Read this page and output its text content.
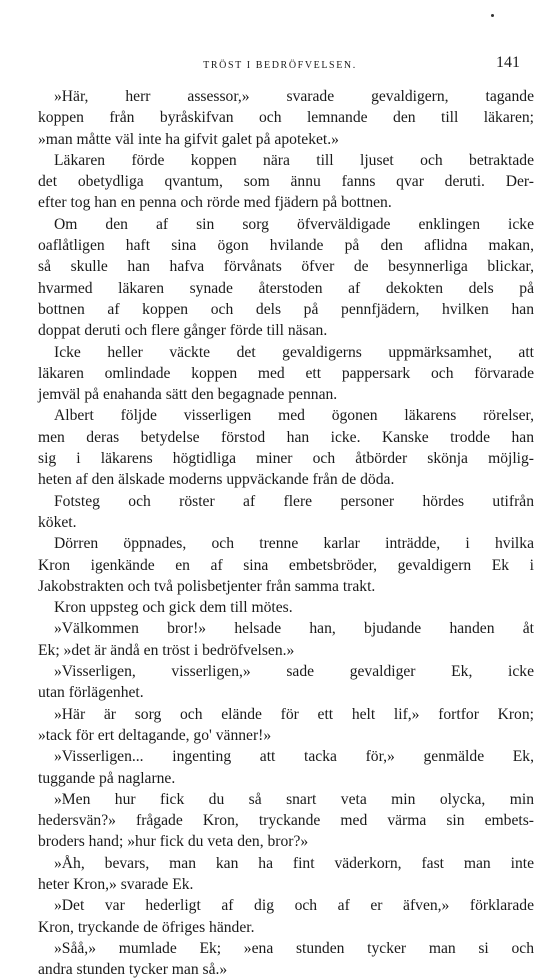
TRÖST I BEDRÖFVELSEN.	141
»Här, herr assessor,» svarade gevaldigern, tagande
koppen från byråskifvan och lemnande den till läkaren;
»man måtte väl inte ha gifvit galet på apoteket.»
Läkaren förde koppen nära till ljuset och betraktade
det obetydliga qvantum, som ännu fanns qvar deruti. Der-
efter tog han en penna och rörde med fjädern på bottnen.
Om den af sin sorg öfverväldigade enklingen icke
oaflåtligen haft sina ögon hvilande på den aflidna makan,
så skulle han hafva förvånats öfver de besynnerliga blickar,
hvarmed läkaren synade återstoden af dekokten dels på
bottnen af koppen och dels på pennfjädern, hvilken han
doppat deruti och flere gånger förde till näsan.
Icke heller väckte det gevaldigerns uppmärksamhet, att
läkaren omlindade koppen med ett pappersark och förvarade
jemväl på enahanda sätt den begagnade pennan.
Albert följde visserligen med ögonen läkarens rörelser,
men deras betydelse förstod han icke. Kanske trodde han
sig i läkarens högtidliga miner och åtbörder skönja möjlig-
heten af den älskade moderns uppväckande från de döda.
Fotsteg och röster af flere personer hördes utifrån
köket.
Dörren öppnades, och trenne karlar inträdde, i hvilka
Kron igenkände en af sina embetsbröder, gevaldigern Ek i
Jakobstrakten och två polisbetjenter från samma trakt.
Kron uppsteg och gick dem till mötes.
»Välkommen bror!» helsade han, bjudande handen åt
Ek; »det är ändå en tröst i bedröfvelsen.»
»Visserligen, visserligen,» sade gevaldiger Ek, icke
utan förlägenhet.
»Här är sorg och elände för ett helt lif,» fortfor Kron;
»tack för ert deltagande, go' vänner!»
»Visserligen... ingenting att tacka för,» genmälde Ek,
tuggande på naglarne.
»Men hur fick du så snart veta min olycka, min
hedersvän?» frågade Kron, tryckande med värma sin embets-
broders hand; »hur fick du veta den, bror?»
»Åh, bevars, man kan ha fint väderkorn, fast man inte
heter Kron,» svarade Ek.
»Det var hederligt af dig och af er äfven,» förklarade
Kron, tryckande de öfriges händer.
»Såå,» mumlade Ek; »ena stunden tycker man si och
andra stunden tycker man så.»
